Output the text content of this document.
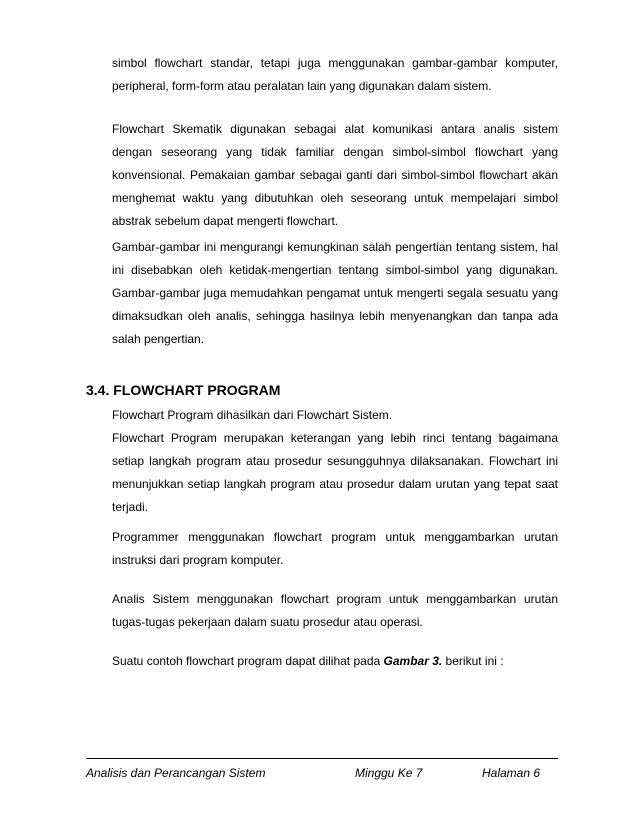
simbol flowchart standar, tetapi juga menggunakan gambar-gambar komputer, peripheral, form-form atau peralatan lain yang digunakan dalam sistem.

Flowchart Skematik digunakan sebagai alat komunikasi antara analis sistem dengan seseorang yang tidak familiar dengan simbol-simbol flowchart yang konvensional. Pemakaian gambar sebagai ganti dari simbol-simbol flowchart akan menghemat waktu yang dibutuhkan oleh seseorang untuk mempelajari simbol abstrak sebelum dapat mengerti flowchart.

Gambar-gambar ini mengurangi kemungkinan salah pengertian tentang sistem, hal ini disebabkan oleh ketidak-mengertian tentang simbol-simbol yang digunakan. Gambar-gambar juga memudahkan pengamat untuk mengerti segala sesuatu yang dimaksudkan oleh analis, sehingga hasilnya lebih menyenangkan dan tanpa ada salah pengertian.

3.4. FLOWCHART PROGRAM

Flowchart Program dihasilkan dari Flowchart Sistem.

Flowchart Program merupakan keterangan yang lebih rinci tentang bagaimana setiap langkah program atau prosedur sesungguhnya dilaksanakan. Flowchart ini menunjukkan setiap langkah program atau prosedur dalam urutan yang tepat saat terjadi.

Programmer menggunakan flowchart program untuk menggambarkan urutan instruksi dari program komputer.

Analis Sistem menggunakan flowchart program untuk menggambarkan urutan tugas-tugas pekerjaan dalam suatu prosedur atau operasi.

Suatu contoh flowchart program dapat dilihat pada Gambar 3. berikut ini :

Analisis dan Perancangan Sistem	Minggu Ke 7	Halaman 6
